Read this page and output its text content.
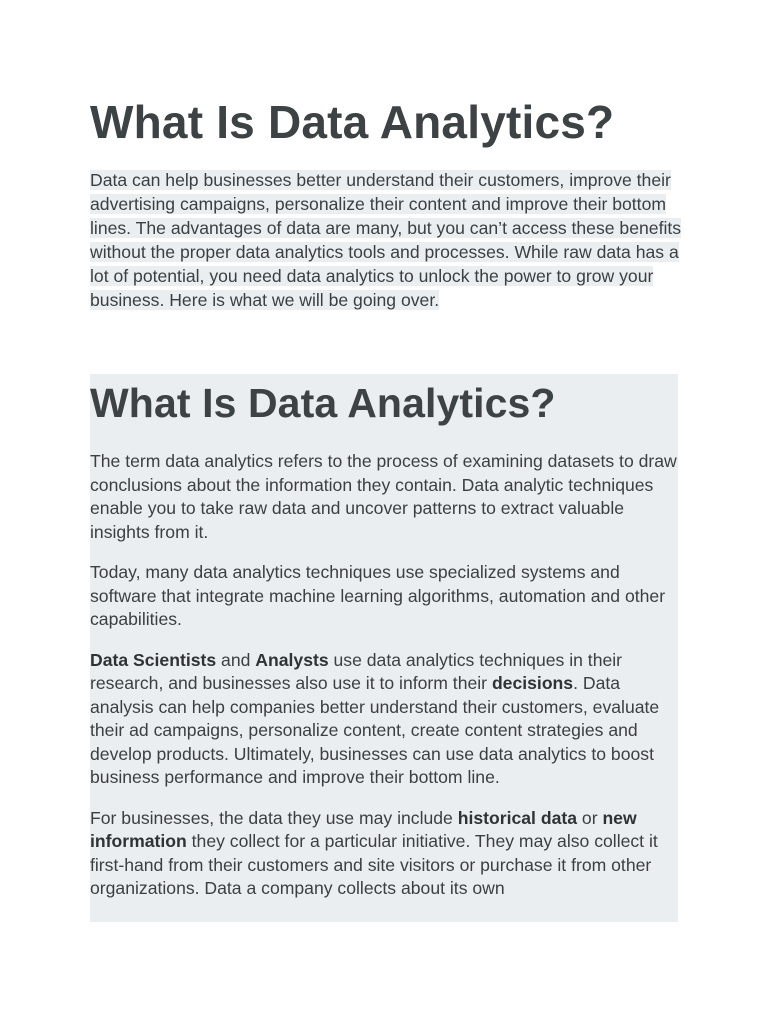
What Is Data Analytics?

Data can help businesses better understand their customers, improve their advertising campaigns, personalize their content and improve their bottom lines. The advantages of data are many, but you can’t access these benefits without the proper data analytics tools and processes. While raw data has a lot of potential, you need data analytics to unlock the power to grow your business. Here is what we will be going over.

What Is Data Analytics?

The term data analytics refers to the process of examining datasets to draw conclusions about the information they contain. Data analytic techniques enable you to take raw data and uncover patterns to extract valuable insights from it.

Today, many data analytics techniques use specialized systems and software that integrate machine learning algorithms, automation and other capabilities.

Data Scientists and Analysts use data analytics techniques in their research, and businesses also use it to inform their decisions. Data analysis can help companies better understand their customers, evaluate their ad campaigns, personalize content, create content strategies and develop products. Ultimately, businesses can use data analytics to boost business performance and improve their bottom line.

For businesses, the data they use may include historical data or new information they collect for a particular initiative. They may also collect it first-hand from their customers and site visitors or purchase it from other organizations. Data a company collects about its own
